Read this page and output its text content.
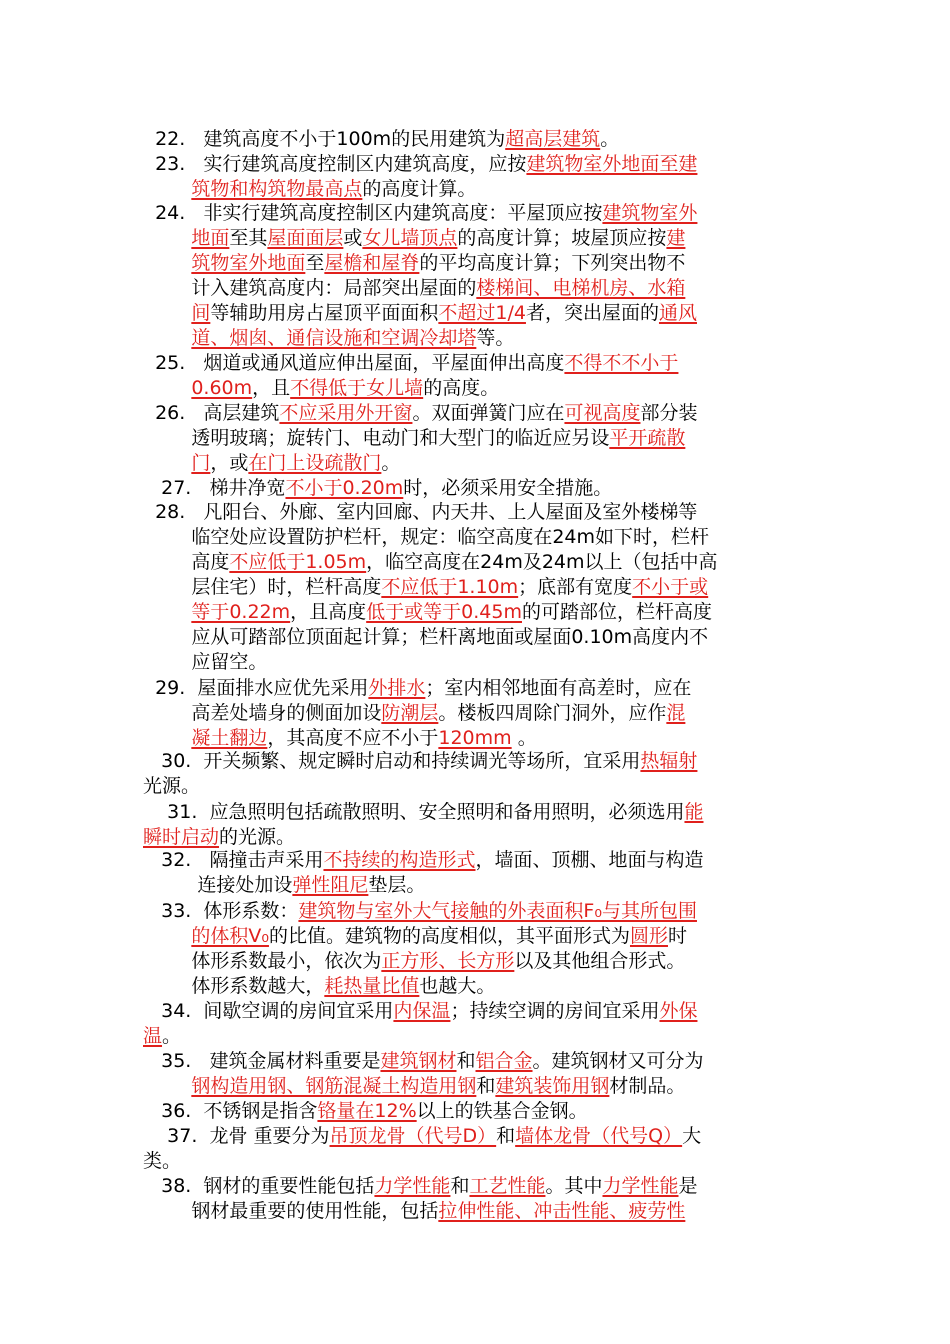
22.   建筑高度不小于100m的民用建筑为超高层建筑。
23.   实行建筑高度控制区内建筑高度，应按建筑物室外地面至建
筑物和构筑物最高点的高度计算。
24.   非实行建筑高度控制区内建筑高度：平屋顶应按建筑物室外
地面至其屋面面层或女儿墙顶点的高度计算；坡屋顶应按建
筑物室外地面至屋檐和屋脊的平均高度计算；下列突出物不
计入建筑高度内：局部突出屋面的楼梯间、电梯机房、水箱
间等辅助用房占屋顶平面面积不超过1/4者，突出屋面的通风
道、烟囱、通信设施和空调冷却塔等。
25.   烟道或通风道应伸出屋面，平屋面伸出高度不得不不小于
0.60m，且不得低于女儿墙的高度。
26.   高层建筑不应采用外开窗。双面弹簧门应在可视高度部分装
透明玻璃；旋转门、电动门和大型门的临近应另设平开疏散
门，或在门上设疏散门。
27.   梯井净宽不小于0.20m时，必须采用安全措施。
28.   凡阳台、外廊、室内回廊、内天井、上人屋面及室外楼梯等
临空处应设置防护栏杆，规定：临空高度在24m如下时，栏杆
高度不应低于1.05m，临空高度在24m及24m以上（包括中高
层住宅）时，栏杆高度不应低于1.10m；底部有宽度不小于或
等于0.22m，且高度低于或等于0.45m的可踏部位，栏杆高度
应从可踏部位顶面起计算；栏杆离地面或屋面0.10m高度内不
应留空。
29.  屋面排水应优先采用外排水；室内相邻地面有高差时，应在
高差处墙身的侧面加设防潮层。楼板四周除门洞外，应作混
凝土翻边，其高度不应不小于120mm 。
30.  开关频繁、规定瞬时启动和持续调光等场所，宜采用热辐射
光源。
31.  应急照明包括疏散照明、安全照明和备用照明，必须选用能
瞬时启动的光源。
32.   隔撞击声采用不持续的构造形式，墙面、顶棚、地面与构造
连接处加设弹性阻尼垫层。
33.  体形系数：建筑物与室外大气接触的外表面积F₀与其所包围
的体积V₀的比值。建筑物的高度相似，其平面形式为圆形时
体形系数最小，依次为正方形、长方形以及其他组合形式。
体形系数越大，耗热量比值也越大。
34.  间歇空调的房间宜采用内保温；持续空调的房间宜采用外保
温。
35.   建筑金属材料重要是建筑钢材和铝合金。建筑钢材又可分为
钢构造用钢、钢筋混凝土构造用钢和建筑装饰用钢材制品。
36.  不锈钢是指含铬量在12%以上的铁基合金钢。
37.  龙骨 重要分为吊顶龙骨（代号D）和墙体龙骨（代号Q）大
类。
38.  钢材的重要性能包括力学性能和工艺性能。其中力学性能是
钢材最重要的使用性能，包括拉伸性能、冲击性能、疲劳性
